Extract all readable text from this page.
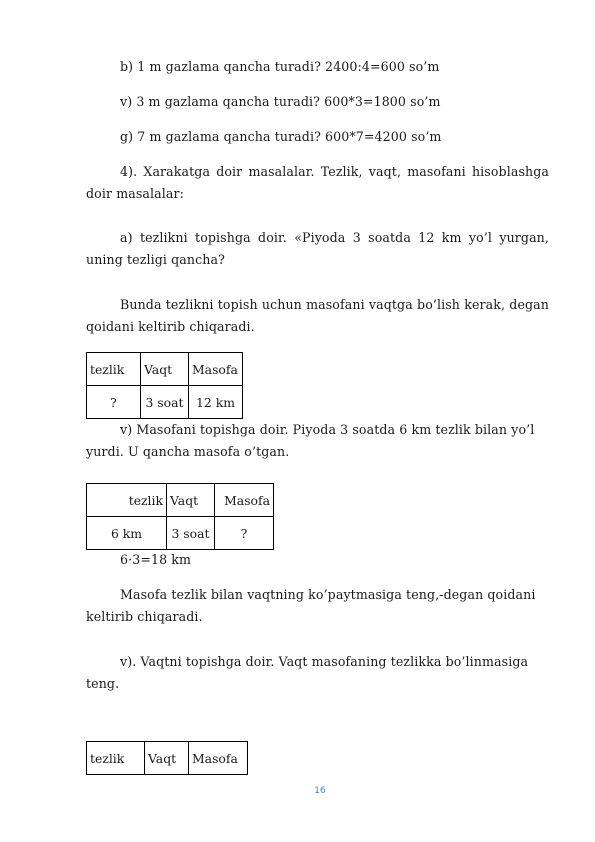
b) 1 m gazlama qancha turadi? 2400:4=600 so’m

v) 3 m gazlama qancha turadi? 600*3=1800 so’m

g) 7 m gazlama qancha turadi? 600*7=4200 so’m

4). Xarakatga doir masalalar. Tezlik, vaqt, masofani hisoblashga doir masalalar:

a) tezlikni topishga doir. «Piyoda 3 soatda 12 km yo’l yurgan, uning tezligi qancha?

Bunda tezlikni topish uchun masofani vaqtga bo’lish kerak, degan qoidani keltirib chiqaradi.

tezlik	Vaqt	Masofa
?	3 soat	12 km

v) Masofani topishga doir. Piyoda 3 soatda 6 km tezlik bilan yo’l yurdi. U qancha masofa o’tgan.

tezlik	Vaqt	Masofa
6 km	3 soat	?

6·3=18 km

Masofa tezlik bilan vaqtning ko’paytmasiga teng,-degan qoidani keltirib chiqaradi.

v). Vaqtni topishga doir. Vaqt masofaning tezlikka bo’linmasiga teng.

tezlik	Vaqt	Masofa
16
